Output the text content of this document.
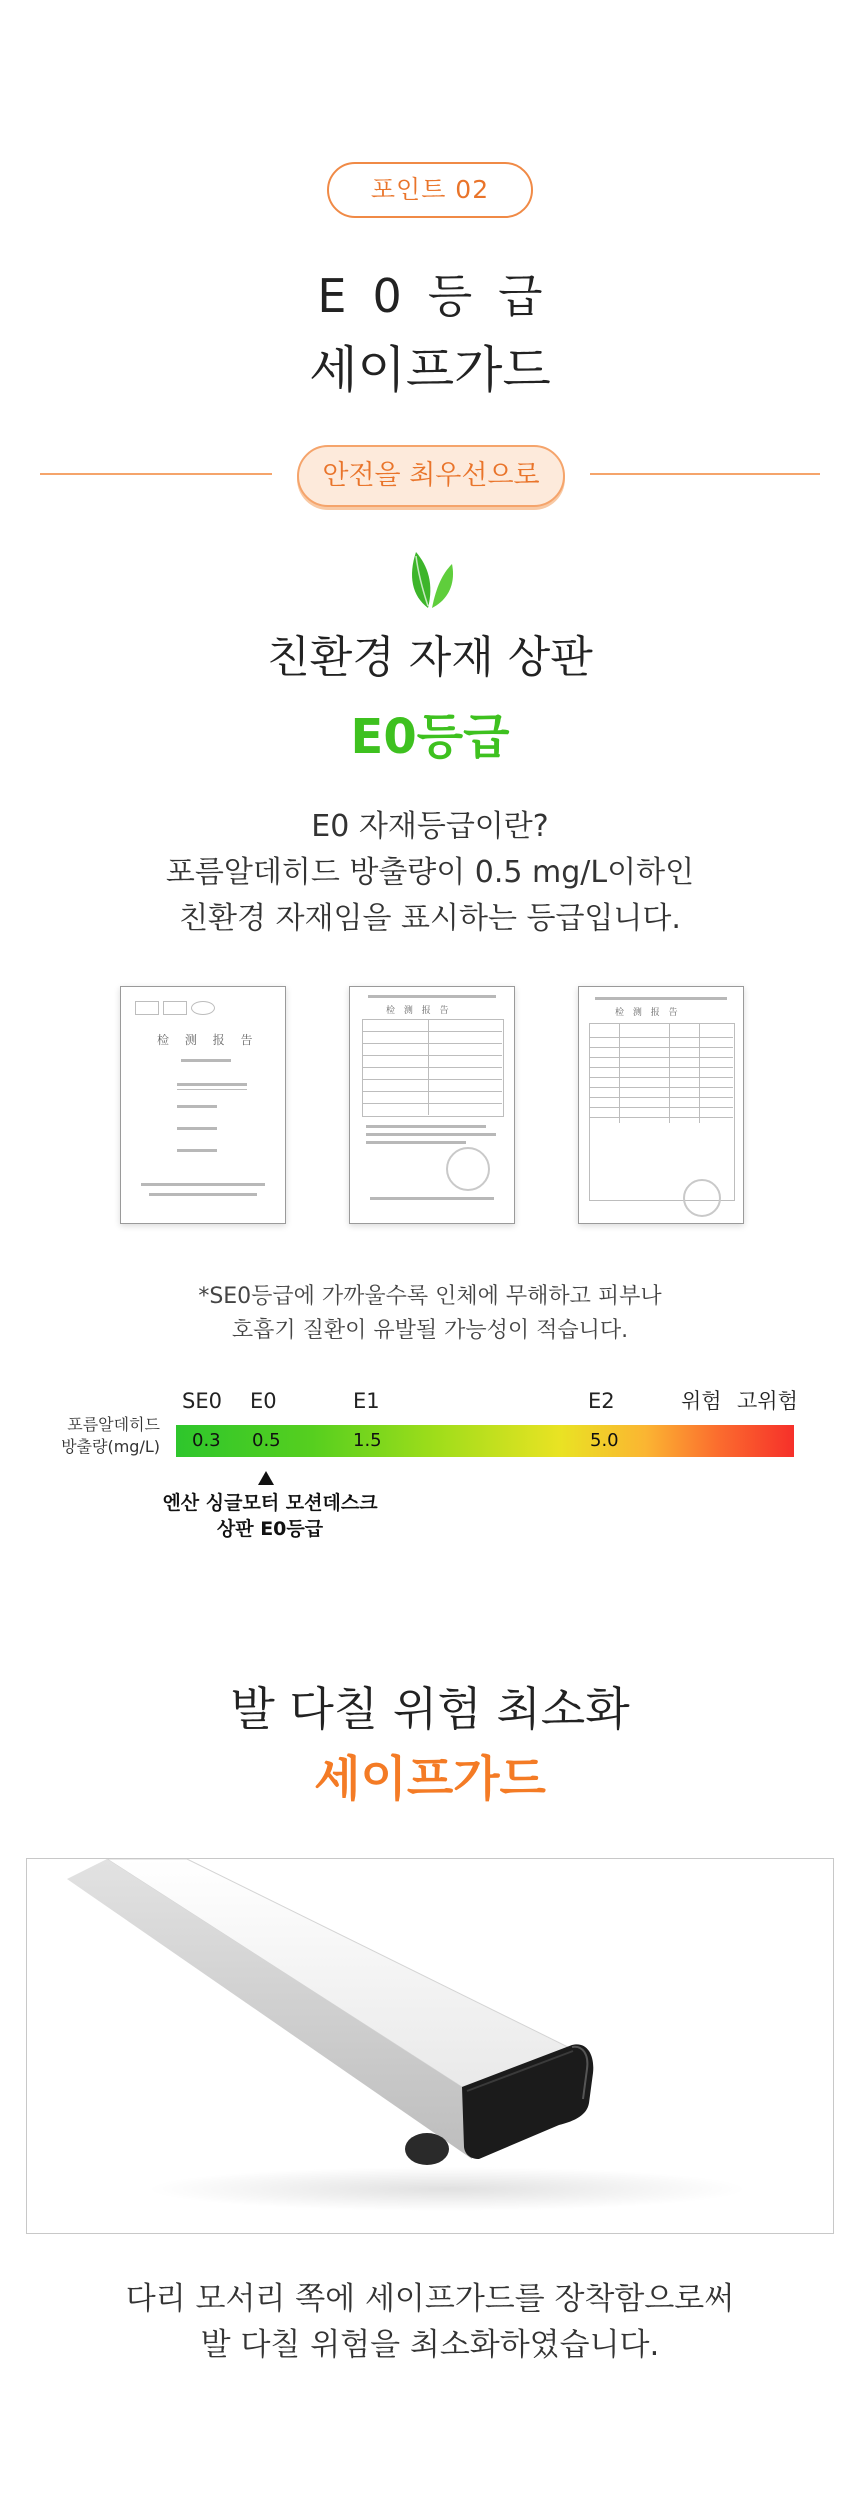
포인트 02
E0등급
세이프가드
안전을 최우선으로
친환경 자재 상판
E0등급
E0 자재등급이란?
포름알데히드 방출량이 0.5 mg/L이하인
친환경 자재임을 표시하는 등급입니다.
检 测 报 告
检 测 报 告	检 测 报 告
*SE0등급에 가까울수록 인체에 무해하고 피부나
호흡기 질환이 유발될 가능성이 적습니다.
SE0 E0	E1	E2	위험 고위험
포름알데히드
방출량(mg/L) 0.3 0.5	1.5	5.0
엔산 싱글모터 모션데스크
상판 E0등급
발 다칠 위험 최소화
세이프가드
다리 모서리 쪽에 세이프가드를 장착함으로써
발 다칠 위험을 최소화하였습니다.
